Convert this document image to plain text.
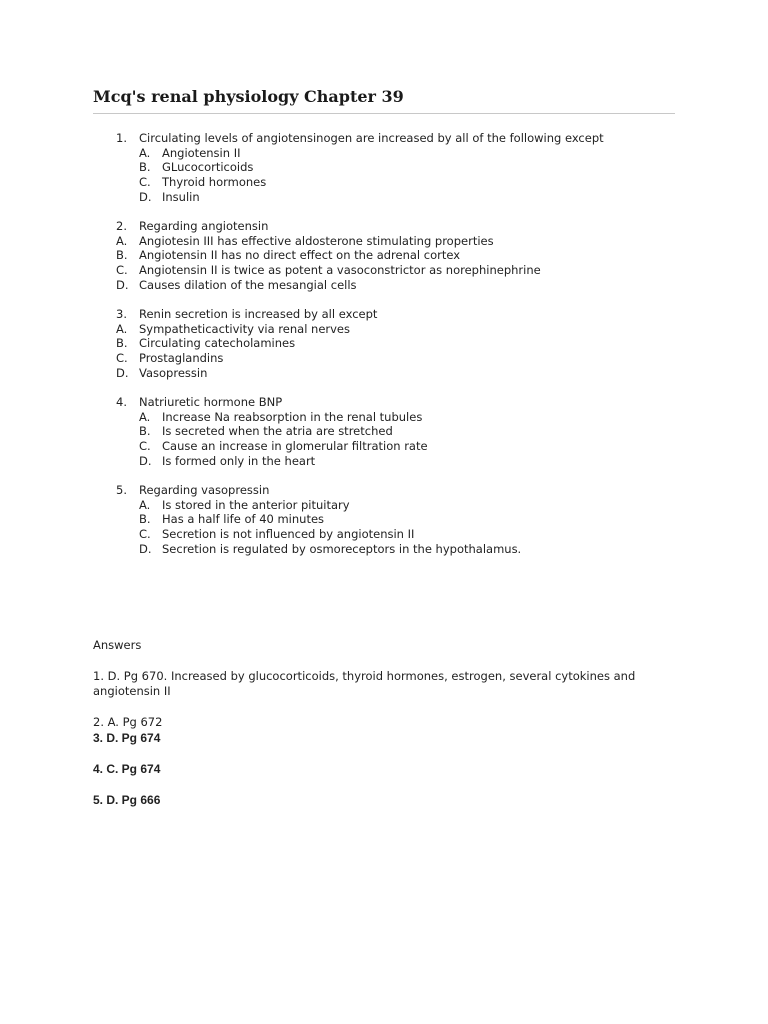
Mcq's renal physiology Chapter 39
1. Circulating levels of angiotensinogen are increased by all of the following except
A. Angiotensin II
B. GLucocorticoids
C. Thyroid hormones
D. Insulin
2. Regarding angiotensin
A. Angiotesin III has effective aldosterone stimulating properties
B. Angiotensin II has no direct effect on the adrenal cortex
C. Angiotensin II is twice as potent a vasoconstrictor as norephinephrine
D. Causes dilation of the mesangial cells
3. Renin secretion is increased by all except
A. Sympatheticactivity via renal nerves
B. Circulating catecholamines
C. Prostaglandins
D. Vasopressin
4. Natriuretic hormone BNP
A. Increase Na reabsorption in the renal tubules
B. Is secreted when the atria are stretched
C. Cause an increase in glomerular filtration rate
D. Is formed only in the heart
5. Regarding vasopressin
A. Is stored in the anterior pituitary
B. Has a half life of 40 minutes
C. Secretion is not influenced by angiotensin II
D. Secretion is regulated by osmoreceptors in the hypothalamus.
Answers
1. D. Pg 670. Increased by glucocorticoids, thyroid hormones, estrogen, several cytokines and
angiotensin II
2. A. Pg 672
3. D. Pg 674
4. C. Pg 674
5. D. Pg 666
